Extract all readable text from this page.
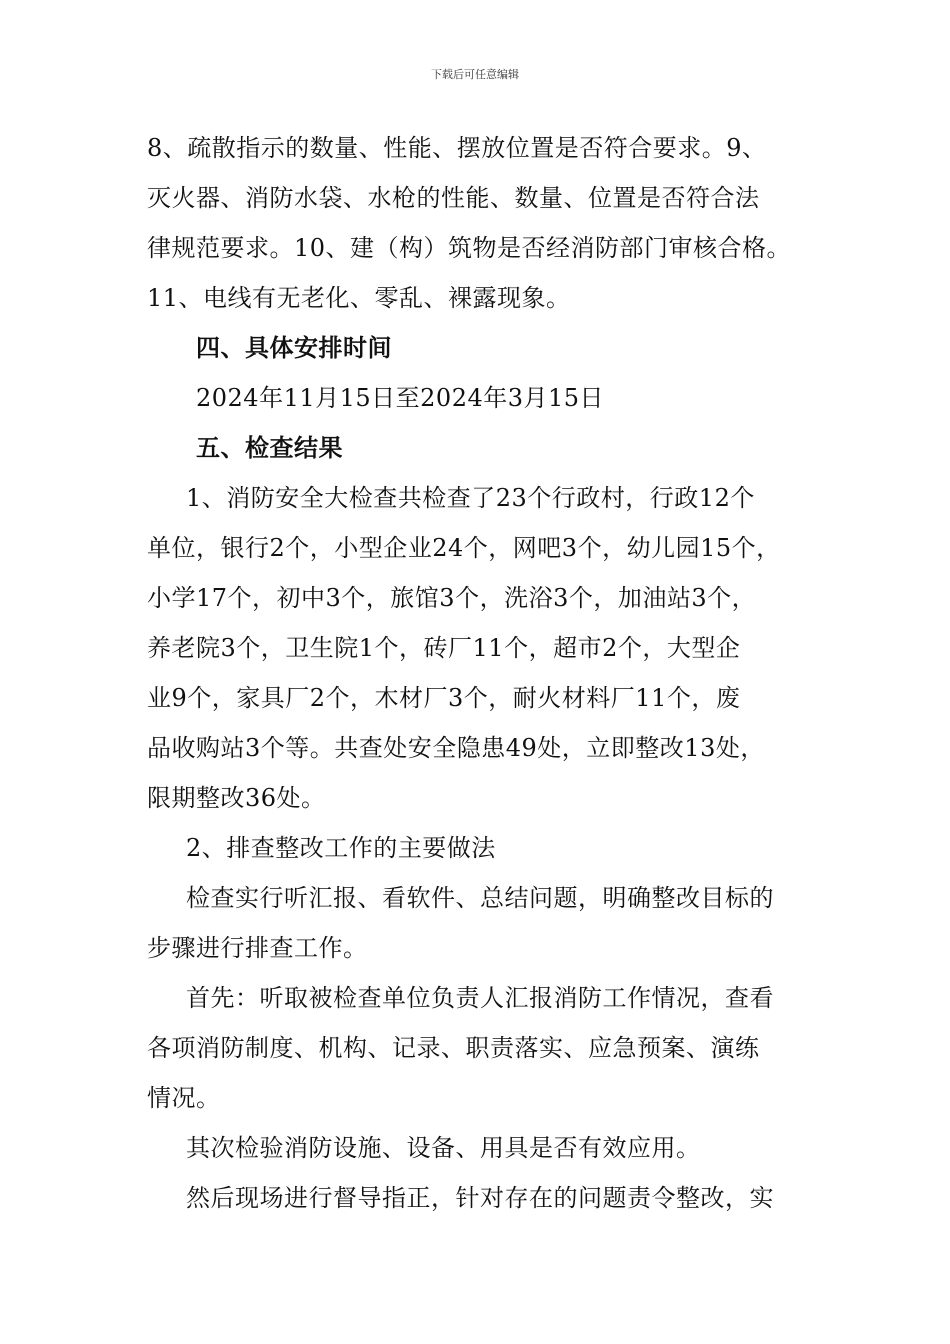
下载后可任意编辑
8、疏散指示的数量、性能、摆放位置是否符合要求。9、
灭火器、消防水袋、水枪的性能、数量、位置是否符合法
律规范要求。10、建（构）筑物是否经消防部门审核合格。
11、电线有无老化、零乱、裸露现象。
四、具体安排时间
2024年11月15日至2024年3月15日
五、检查结果
1、消防安全大检查共检查了23个行政村，行政12个
单位，银行2个，小型企业24个，网吧3个，幼儿园15个，
小学17个，初中3个，旅馆3个，洗浴3个，加油站3个，
养老院3个，卫生院1个，砖厂11个，超市2个，大型企
业9个，家具厂2个，木材厂3个，耐火材料厂11个，废
品收购站3个等。共查处安全隐患49处，立即整改13处，
限期整改36处。
2、排查整改工作的主要做法
检查实行听汇报、看软件、总结问题，明确整改目标的
步骤进行排查工作。
首先：听取被检查单位负责人汇报消防工作情况，查看
各项消防制度、机构、记录、职责落实、应急预案、演练
情况。
其次检验消防设施、设备、用具是否有效应用。
然后现场进行督导指正，针对存在的问题责令整改，实
